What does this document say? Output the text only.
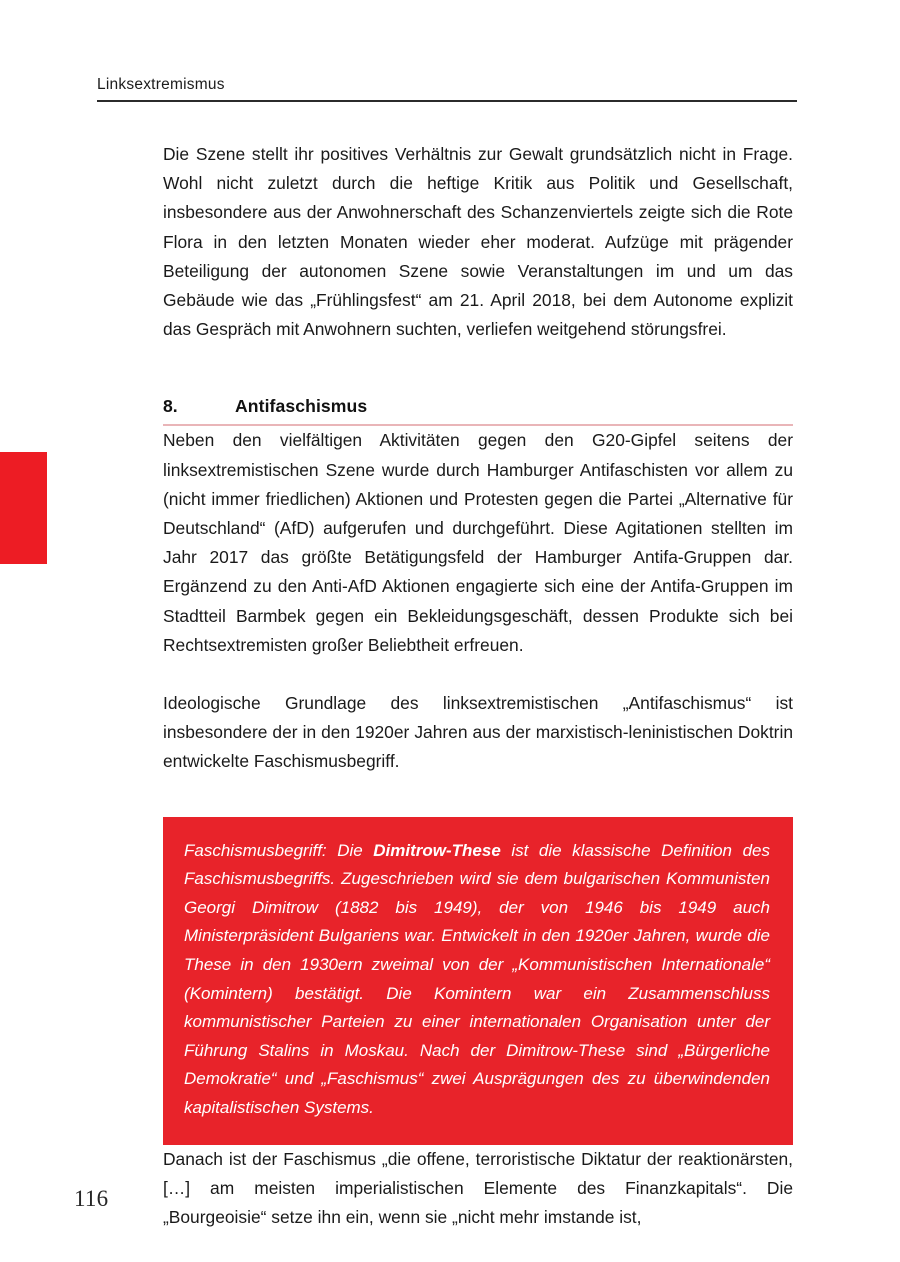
Linksextremismus

Die Szene stellt ihr positives Verhältnis zur Gewalt grundsätzlich nicht in Frage. Wohl nicht zuletzt durch die heftige Kritik aus Politik und Gesellschaft, insbesondere aus der Anwohnerschaft des Schanzenviertels zeigte sich die Rote Flora in den letzten Monaten wieder eher moderat. Aufzüge mit prägender Beteiligung der autonomen Szene sowie Veranstaltungen im und um das Gebäude wie das „Frühlingsfest“ am 21. April 2018, bei dem Autonome explizit das Gespräch mit Anwohnern suchten, verliefen weitgehend störungsfrei.

8.	Antifaschismus

Neben den vielfältigen Aktivitäten gegen den G20-Gipfel seitens der linksextremistischen Szene wurde durch Hamburger Antifaschisten vor allem zu (nicht immer friedlichen) Aktionen und Protesten gegen die Partei „Alternative für Deutschland“ (AfD) aufgerufen und durchgeführt. Diese Agitationen stellten im Jahr 2017 das größte Betätigungsfeld der Hamburger Antifa-Gruppen dar. Ergänzend zu den Anti-AfD Aktionen engagierte sich eine der Antifa-Gruppen im Stadtteil Barmbek gegen ein Bekleidungsgeschäft, dessen Produkte sich bei Rechtsextremisten großer Beliebtheit erfreuen.

Ideologische Grundlage des linksextremistischen „Antifaschismus“ ist insbesondere der in den 1920er Jahren aus der marxistisch-leninistischen Doktrin entwickelte Faschismusbegriff.

Faschismusbegriff: Die Dimitrow-These ist die klassische Definition des Faschismusbegriffs. Zugeschrieben wird sie dem bulgarischen Kommunisten Georgi Dimitrow (1882 bis 1949), der von 1946 bis 1949 auch Ministerpräsident Bulgariens war. Entwickelt in den 1920er Jahren, wurde die These in den 1930ern zweimal von der „Kommunistischen Internationale“ (Komintern) bestätigt. Die Komintern war ein Zusammenschluss kommunistischer Parteien zu einer internationalen Organisation unter der Führung Stalins in Moskau. Nach der Dimitrow-These sind „Bürgerliche Demokratie“ und „Faschismus“ zwei Ausprägungen des zu überwindenden kapitalistischen Systems.

Danach ist der Faschismus „die offene, terroristische Diktatur der reaktionärsten, […] am meisten imperialistischen Elemente des Finanzkapitals“. Die „Bourgeoisie“ setze ihn ein, wenn sie „nicht mehr imstande ist,

116
